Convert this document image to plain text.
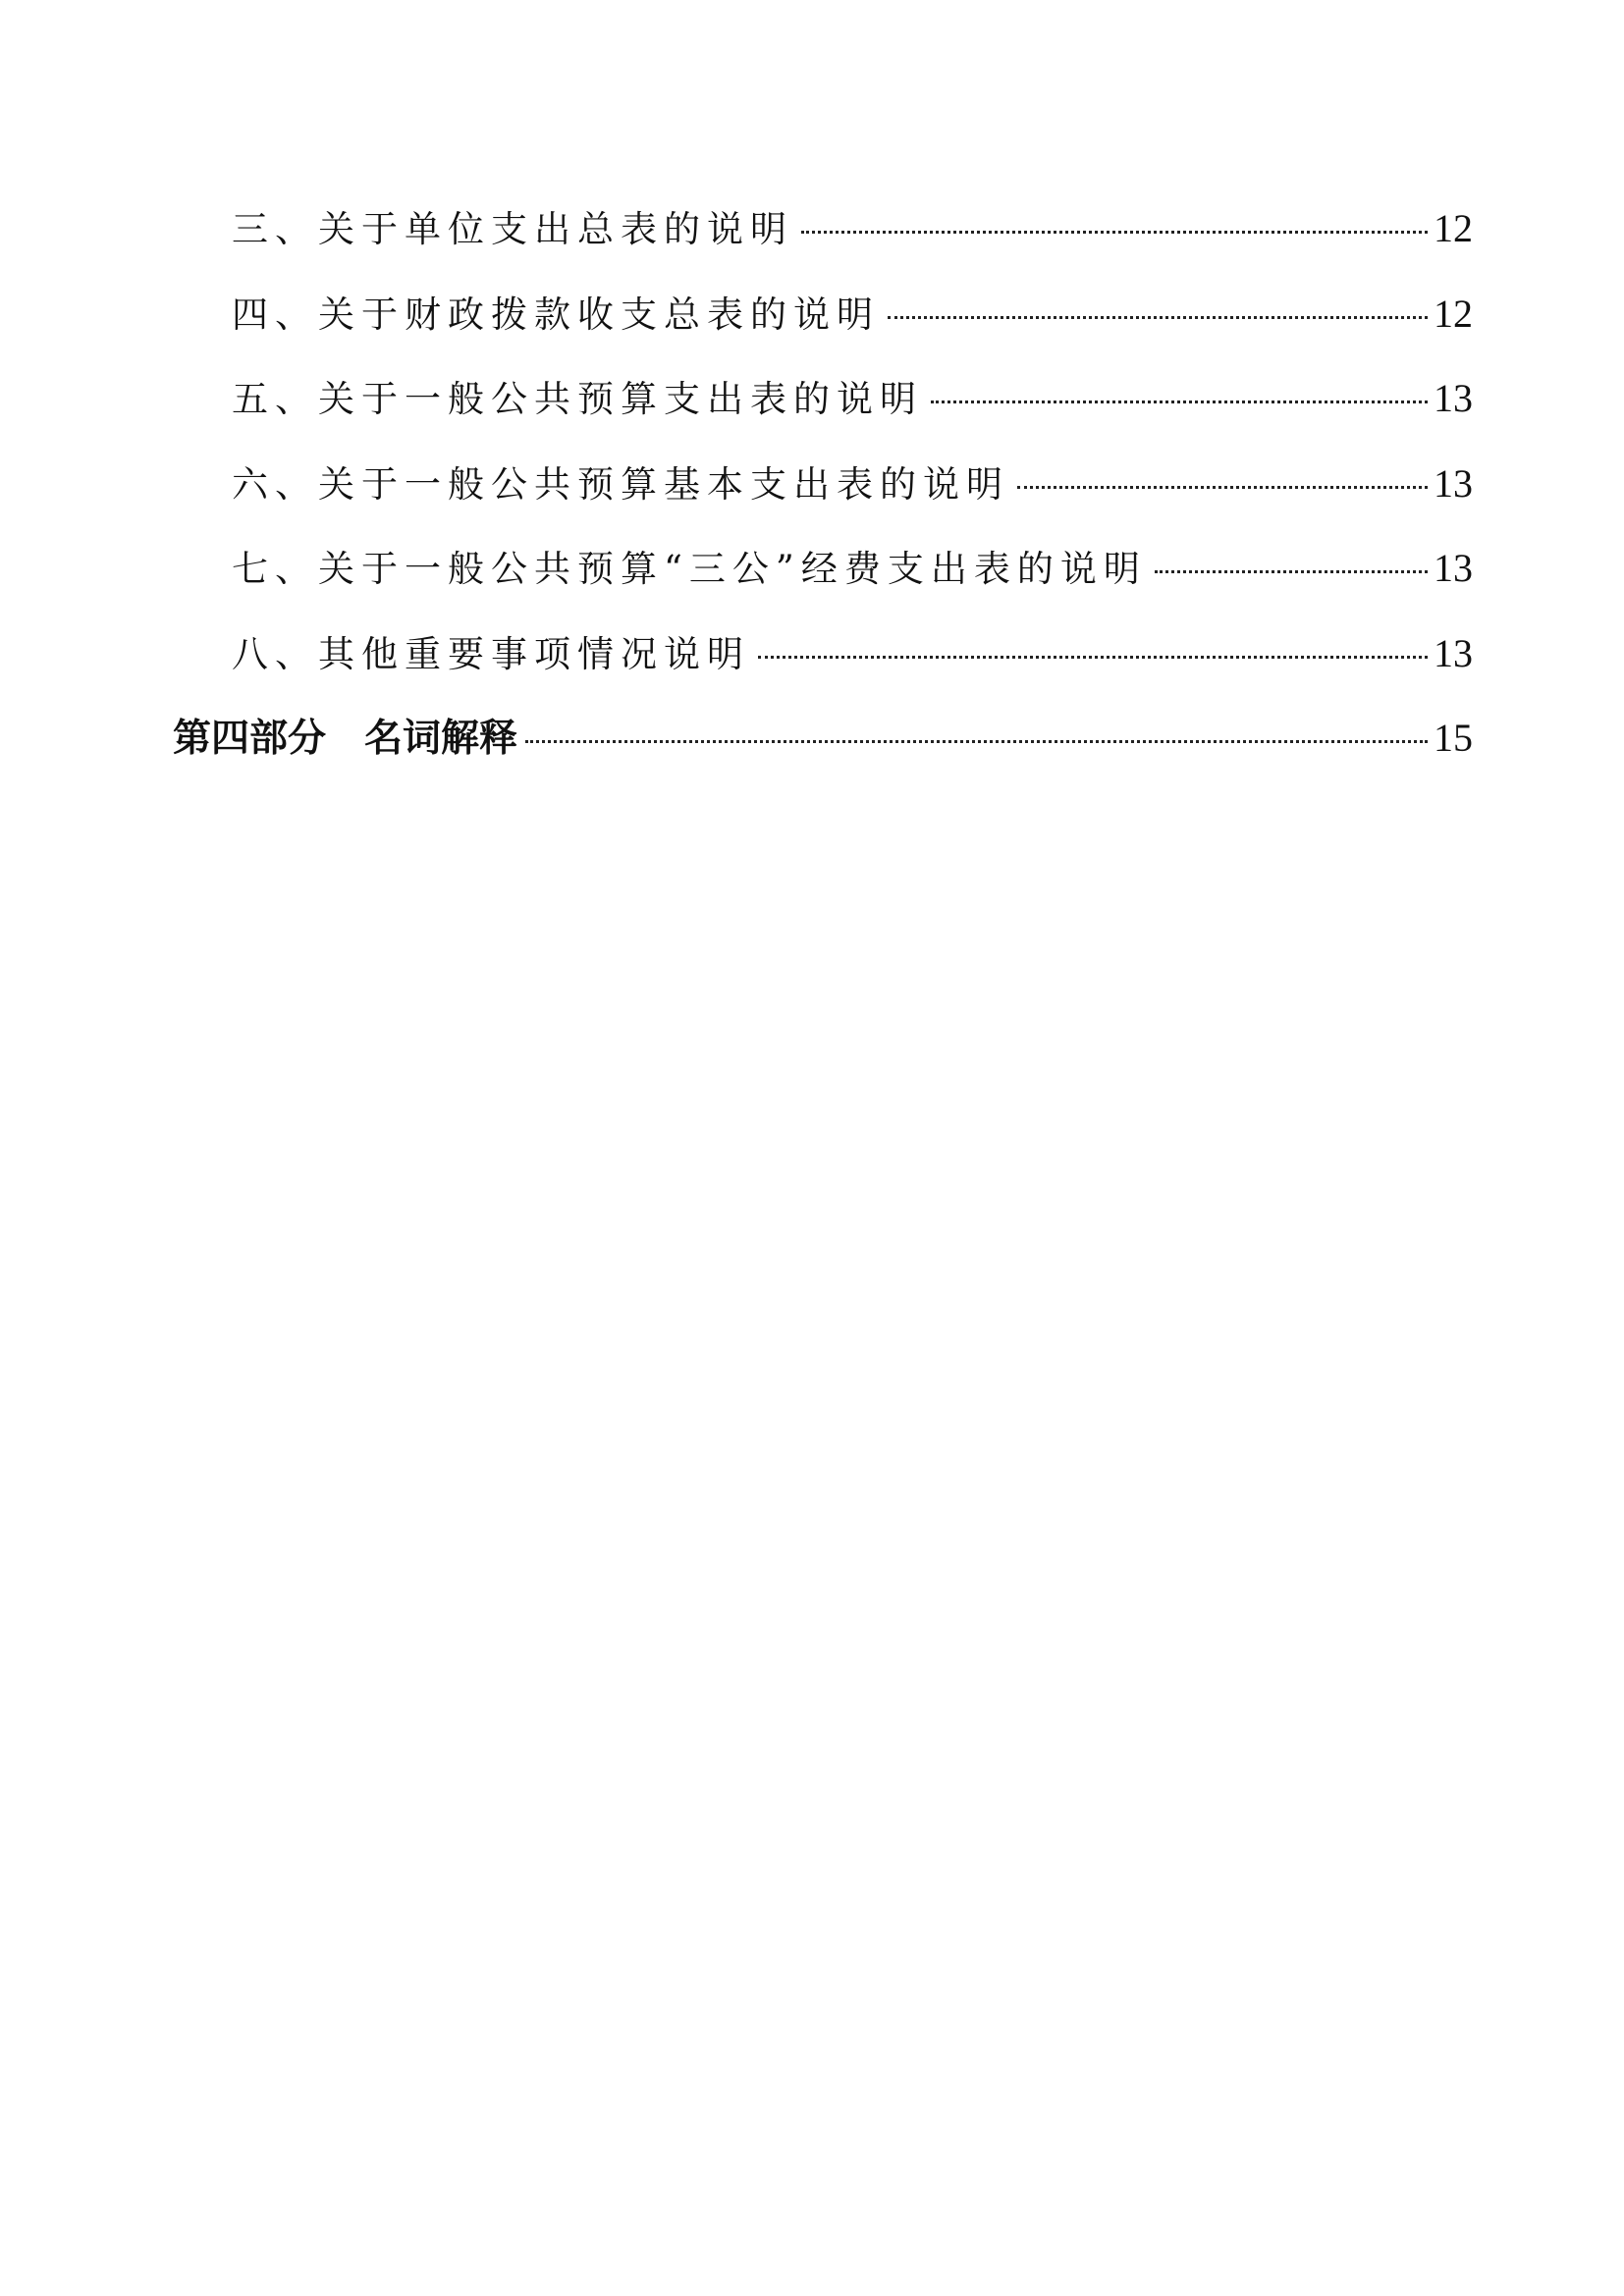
三、关于单位支出总表的说明	12
四、关于财政拨款收支总表的说明	12
五、关于一般公共预算支出表的说明	13
六、关于一般公共预算基本支出表的说明	13
七、关于一般公共预算“三公”经费支出表的说明	13
八、其他重要事项情况说明	13
第四部分　名词解释	15
